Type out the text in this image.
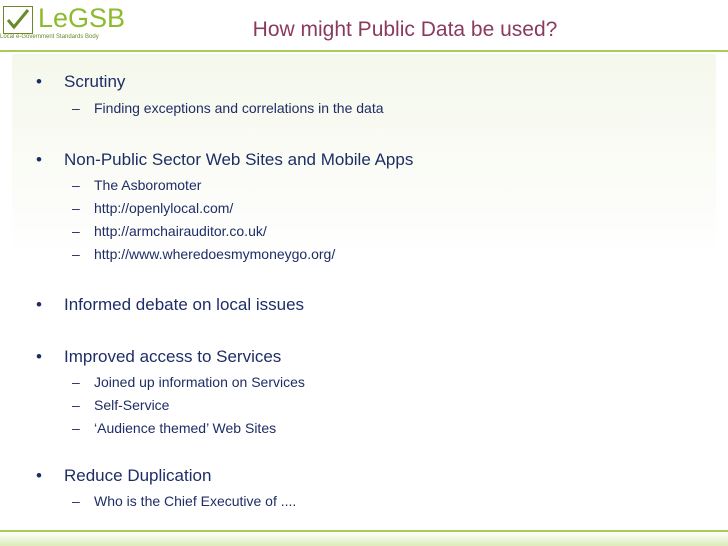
LeGSB
Local e-Government Standards Body	How might Public Data be used?
• Scrutiny
– Finding exceptions and correlations in the data
• Non-Public Sector Web Sites and Mobile Apps
– The Asboromoter
– http://openlylocal.com/
– http://armchairauditor.co.uk/
– http://www.wheredoesmymoneygo.org/
• Informed debate on local issues
• Improved access to Services
– Joined up information on Services
– Self-Service
– ‘Audience themed’ Web Sites
• Reduce Duplication
– Who is the Chief Executive of ....
